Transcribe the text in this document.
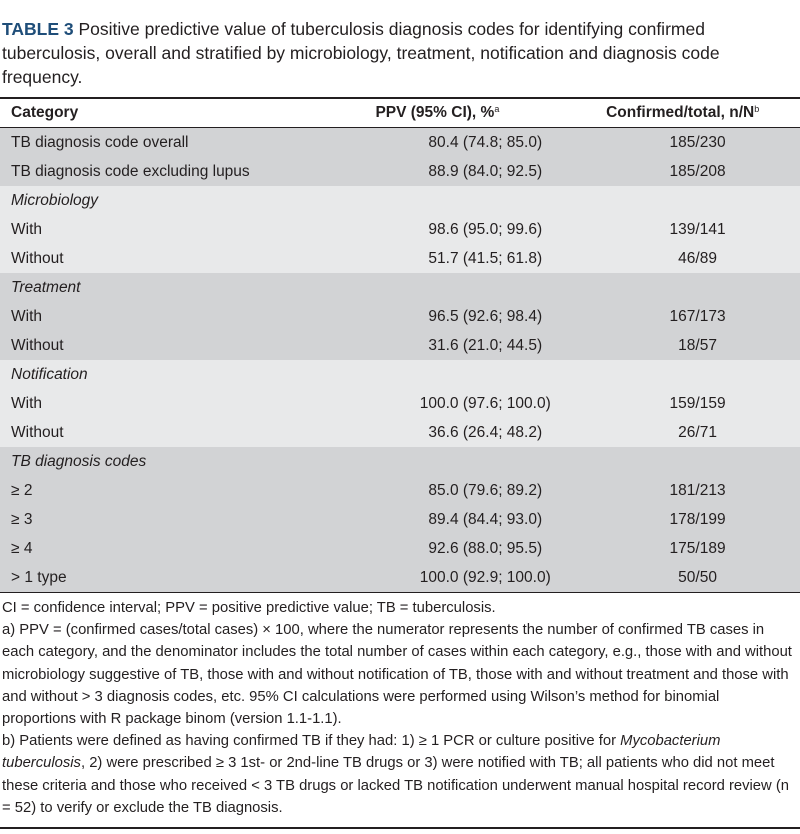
TABLE 3 Positive predictive value of tuberculosis diagnosis codes for identifying confirmed tuberculosis, overall and stratified by microbiology, treatment, notification and diagnosis code frequency.
Category	PPV (95% CI), %$^a$	Confirmed/total, $n/N^b$
TB diagnosis code overall	80.4 (74.8; 85.0)	185/230
TB diagnosis code excluding lupus	88.9 (84.0; 92.5)	185/208
Microbiology		
With	98.6 (95.0; 99.6)	139/141
Without	51.7 (41.5; 61.8)	46/89
Treatment		
With	96.5 (92.6; 98.4)	167/173
Without	31.6 (21.0; 44.5)	18/57
Notification		
With	100.0 (97.6; 100.0)	159/159
Without	36.6 (26.4; 48.2)	26/71
TB diagnosis codes		
≥ 2	85.0 (79.6; 89.2)	181/213
≥ 3	89.4 (84.4; 93.0)	178/199
≥ 4	92.6 (88.0; 95.5)	175/189
> 1 type	100.0 (92.9; 100.0)	50/50

CI = confidence interval; PPV = positive predictive value; TB = tuberculosis.

a) PPV = (confirmed cases/total cases) × 100, where the numerator represents the number of confirmed TB cases in each category, and the denominator includes the total number of cases within each category, e.g., those with and without microbiology suggestive of TB, those with and without notification of TB, those with and without treatment and those with and without > 3 diagnosis codes, etc. 95% CI calculations were performed using Wilson’s method for binomial proportions with R package binom (version 1.1-1.1).

b) Patients were defined as having confirmed TB if they had: 1) ≥ 1 PCR or culture positive for Mycobacterium tuberculosis, 2) were prescribed ≥ 3 1st- or 2nd-line TB drugs or 3) were notified with TB; all patients who did not meet these criteria and those who received < 3 TB drugs or lacked TB notification underwent manual hospital record review (n = 52) to verify or exclude the TB diagnosis.
